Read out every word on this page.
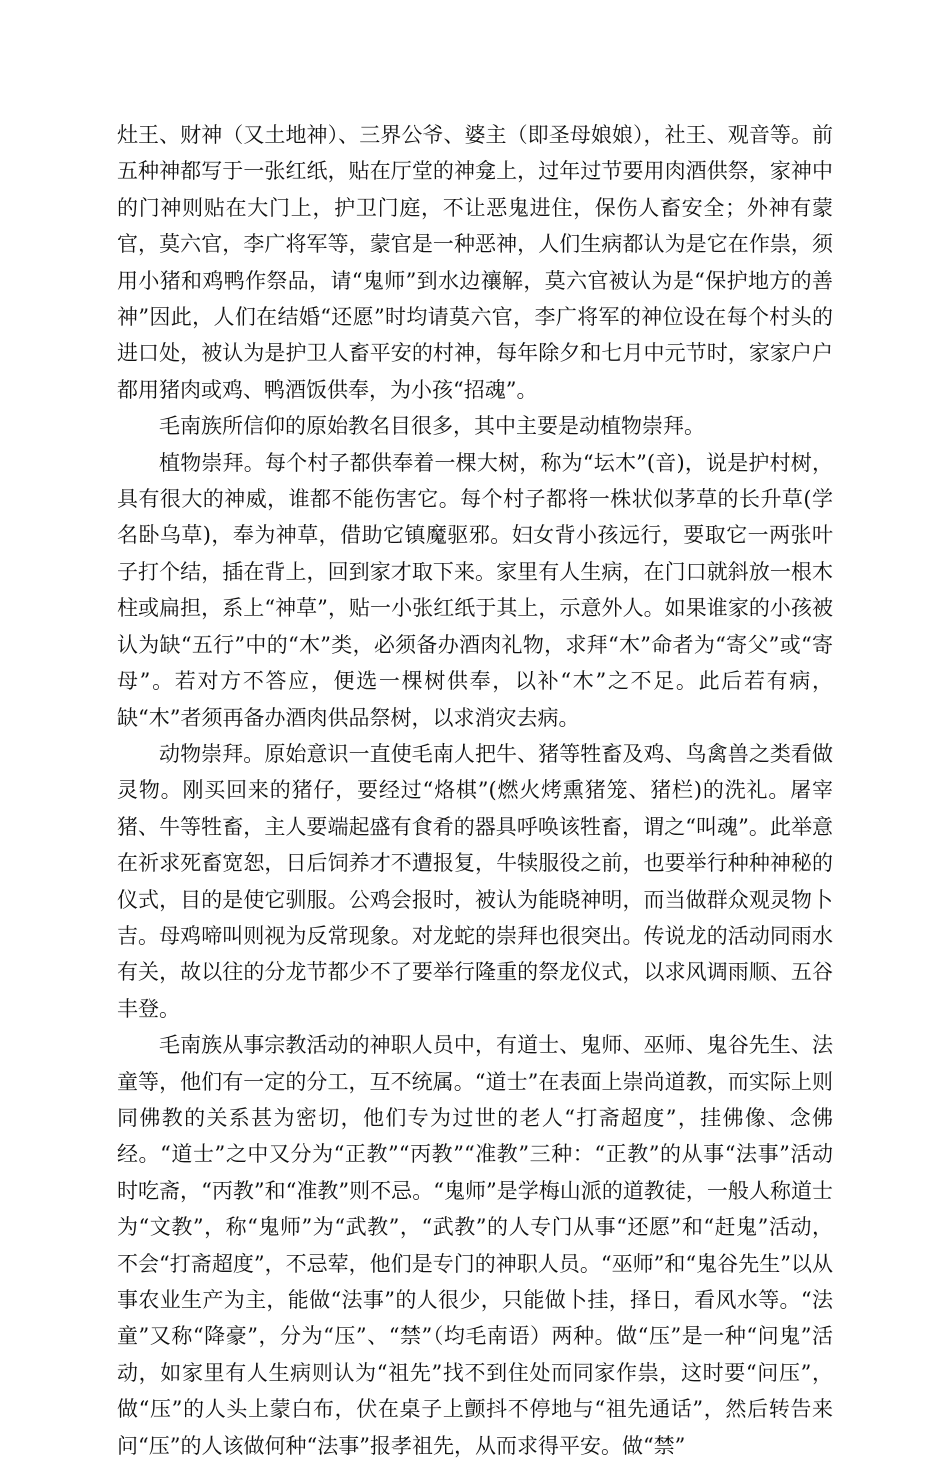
灶王、财神（又土地神）、三界公爷、婆主（即圣母娘娘），社王、观音等。前五种神都写于一张红纸，贴在厅堂的神龛上，过年过节要用肉酒供祭，家神中的门神则贴在大门上，护卫门庭，不让恶鬼进住，保伤人畜安全；外神有蒙官，莫六官，李广将军等，蒙官是一种恶神，人们生病都认为是它在作祟，须用小猪和鸡鸭作祭品，请“鬼师”到水边禳解，莫六官被认为是“保护地方的善神”因此，人们在结婚“还愿”时均请莫六官，李广将军的神位设在每个村头的进口处，被认为是护卫人畜平安的村神，每年除夕和七月中元节时，家家户户都用猪肉或鸡、鸭酒饭供奉，为小孩“招魂”。

毛南族所信仰的原始教名目很多，其中主要是动植物崇拜。

植物崇拜。每个村子都供奉着一棵大树，称为“坛木”(音)，说是护村树，具有很大的神威，谁都不能伤害它。每个村子都将一株状似茅草的长升草(学名卧乌草)，奉为神草，借助它镇魔驱邪。妇女背小孩远行，要取它一两张叶子打个结，插在背上，回到家才取下来。家里有人生病，在门口就斜放一根木柱或扁担，系上“神草”，贴一小张红纸于其上，示意外人。如果谁家的小孩被认为缺“五行”中的“木”类，必须备办酒肉礼物，求拜“木”命者为“寄父”或“寄母”。若对方不答应，便选一棵树供奉，以补“木”之不足。此后若有病，缺“木”者须再备办酒肉供品祭树，以求消灾去病。

动物崇拜。原始意识一直使毛南人把牛、猪等牲畜及鸡、鸟禽兽之类看做灵物。刚买回来的猪仔，要经过“烙棋”(燃火烤熏猪笼、猪栏)的洗礼。屠宰猪、牛等牲畜，主人要端起盛有食肴的器具呼唤该牲畜，谓之“叫魂”。此举意在祈求死畜宽恕，日后饲养才不遭报复，牛犊服役之前，也要举行种种神秘的仪式，目的是使它驯服。公鸡会报时，被认为能晓神明，而当做群众观灵物卜吉。母鸡啼叫则视为反常现象。对龙蛇的崇拜也很突出。传说龙的活动同雨水有关，故以往的分龙节都少不了要举行隆重的祭龙仪式，以求风调雨顺、五谷丰登。

毛南族从事宗教活动的神职人员中，有道士、鬼师、巫师、鬼谷先生、法童等，他们有一定的分工，互不统属。“道士”在表面上崇尚道教，而实际上则同佛教的关系甚为密切，他们专为过世的老人“打斋超度”，挂佛像、念佛经。“道士”之中又分为“正教”“丙教”“准教”三种：“正教”的从事“法事”活动时吃斋，“丙教”和“准教”则不忌。“鬼师”是学梅山派的道教徒，一般人称道士为“文教”，称“鬼师”为“武教”，“武教”的人专门从事“还愿”和“赶鬼”活动，不会“打斋超度”，不忌荤，他们是专门的神职人员。“巫师”和“鬼谷先生”以从事农业生产为主，能做“法事”的人很少，只能做卜挂，择日，看风水等。“法童”又称“降豪”，分为“压”、“禁”（均毛南语）两种。做“压”是一种“问鬼”活动，如家里有人生病则认为“祖先”找不到住处而同家作祟，这时要“问压”，做“压”的人头上蒙白布，伏在桌子上颤抖不停地与“祖先通话”，然后转告来问“压”的人该做何种“法事”报孝祖先，从而求得平安。做“禁”
